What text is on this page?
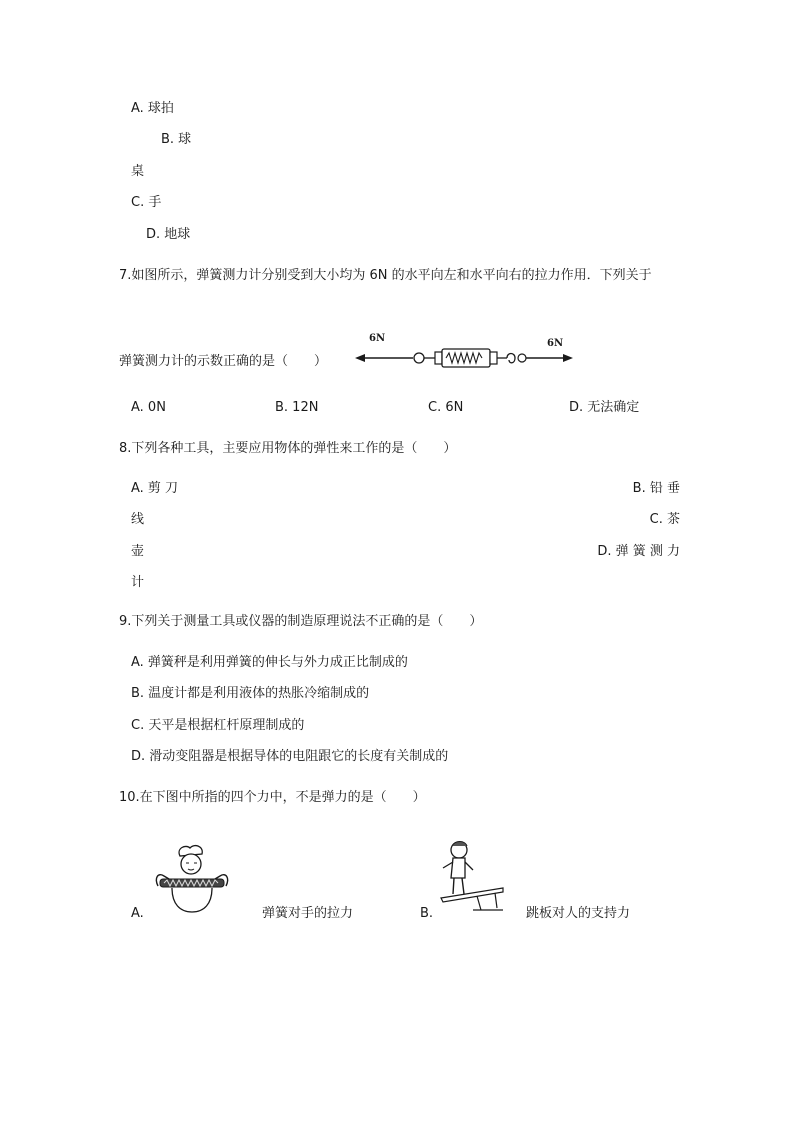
A. 球拍
B. 球
桌
C. 手
D. 地球
7.如图所示，弹簧测力计分别受到大小均为 6N 的水平向左和水平向右的拉力作用．下列关于
弹簧测力计的示数正确的是（　　）
6N	6N
A. 0N	B. 12N	C. 6N	D. 无法确定
8.下列各种工具，主要应用物体的弹性来工作的是（　　）
A. 剪 刀	B. 铅 垂
线	C. 茶
壶	D. 弹 簧 测 力
计
9.下列关于测量工具或仪器的制造原理说法不正确的是（　　）
A. 弹簧秤是利用弹簧的伸长与外力成正比制成的
B. 温度计都是利用液体的热胀冷缩制成的
C. 天平是根据杠杆原理制成的
D. 滑动变阻器是根据导体的电阻跟它的长度有关制成的
10.在下图中所指的四个力中，不是弹力的是（　　）
A.	弹簧对手的拉力	B.	跳板对人的支持力
